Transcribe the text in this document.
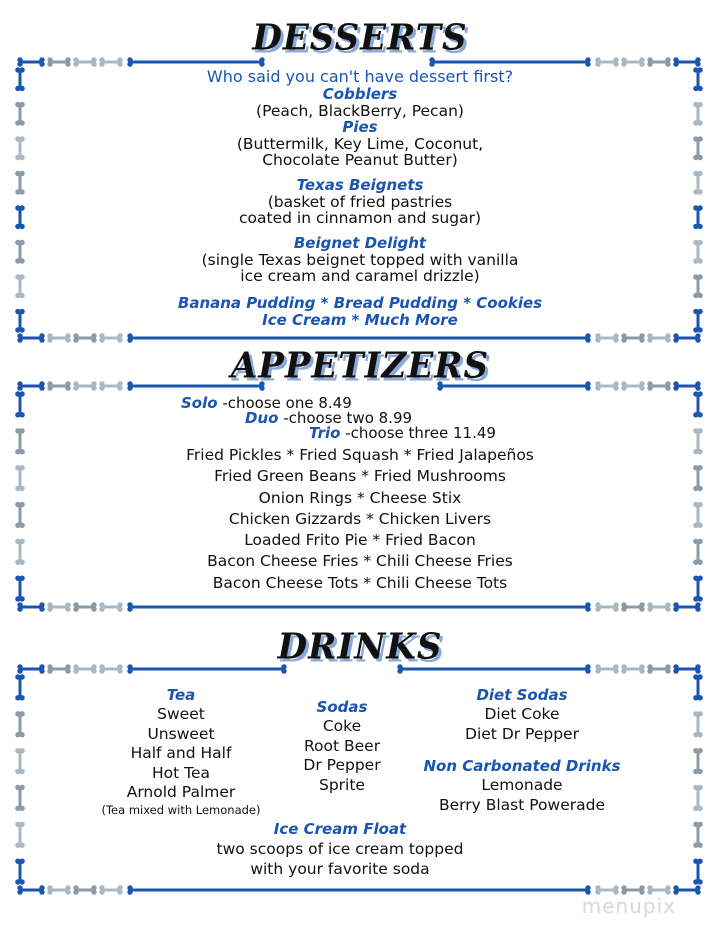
DESSERTS
Who said you can't have dessert first?
Cobblers
(Peach, BlackBerry, Pecan)
Pies
(Buttermilk, Key Lime, Coconut,
Chocolate Peanut Butter)
Texas Beignets
(basket of fried pastries
coated in cinnamon and sugar)
Beignet Delight
(single Texas beignet topped with vanilla
ice cream and caramel drizzle)
Banana Pudding * Bread Pudding * Cookies
Ice Cream * Much More
APPETIZERS
Solo -choose one 8.49
Duo -choose two 8.99
Trio -choose three 11.49
Fried Pickles * Fried Squash * Fried Jalapeños
Fried Green Beans * Fried Mushrooms
Onion Rings * Cheese Stix
Chicken Gizzards * Chicken Livers
Loaded Frito Pie * Fried Bacon
Bacon Cheese Fries * Chili Cheese Fries
Bacon Cheese Tots * Chili Cheese Tots
DRINKS
Tea
Sweet
Unsweet
Half and Half
Hot Tea
Arnold Palmer
(Tea mixed with Lemonade)
Sodas
Coke
Root Beer
Dr Pepper
Sprite
Diet Sodas
Diet Coke
Diet Dr Pepper
Non Carbonated Drinks
Lemonade
Berry Blast Powerade
Ice Cream Float
two scoops of ice cream topped
with your favorite soda
menupix
